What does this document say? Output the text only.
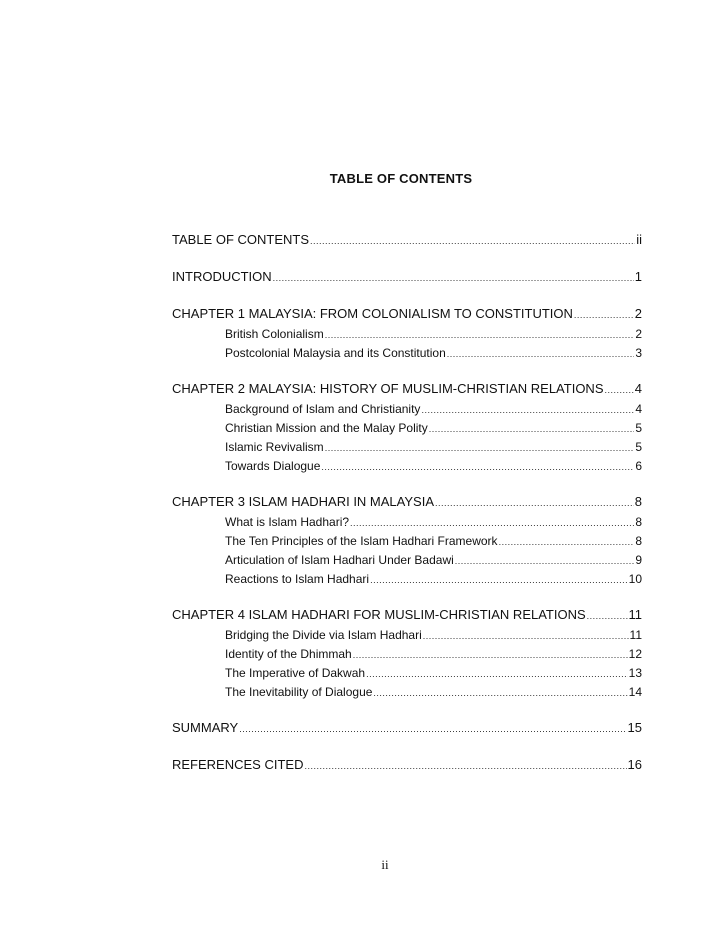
TABLE OF CONTENTS
TABLE OF CONTENTS .....	ii
INTRODUCTION .....	1
CHAPTER 1 MALAYSIA: FROM COLONIALISM TO CONSTITUTION .....	2
British Colonialism .....	2
Postcolonial Malaysia and its Constitution .....	3
CHAPTER 2 MALAYSIA: HISTORY OF MUSLIM-CHRISTIAN RELATIONS ..... 4
Background of Islam and Christianity .....	4
Christian Mission and the Malay Polity .....	5
Islamic Revivalism .....	5
Towards Dialogue .....	6
CHAPTER 3 ISLAM HADHARI IN MALAYSIA .....	8
What is Islam Hadhari? .....	8
The Ten Principles of the Islam Hadhari Framework .....	8
Articulation of Islam Hadhari Under Badawi .....	9
Reactions to Islam Hadhari .....	10
CHAPTER 4 ISLAM HADHARI FOR MUSLIM-CHRISTIAN RELATIONS .....	11
Bridging the Divide via Islam Hadhari .....	11
Identity of the Dhimmah .....	12
The Imperative of Dakwah .....	13
The Inevitability of Dialogue .....	14
SUMMARY .....	15
REFERENCES CITED .....	16
ii
